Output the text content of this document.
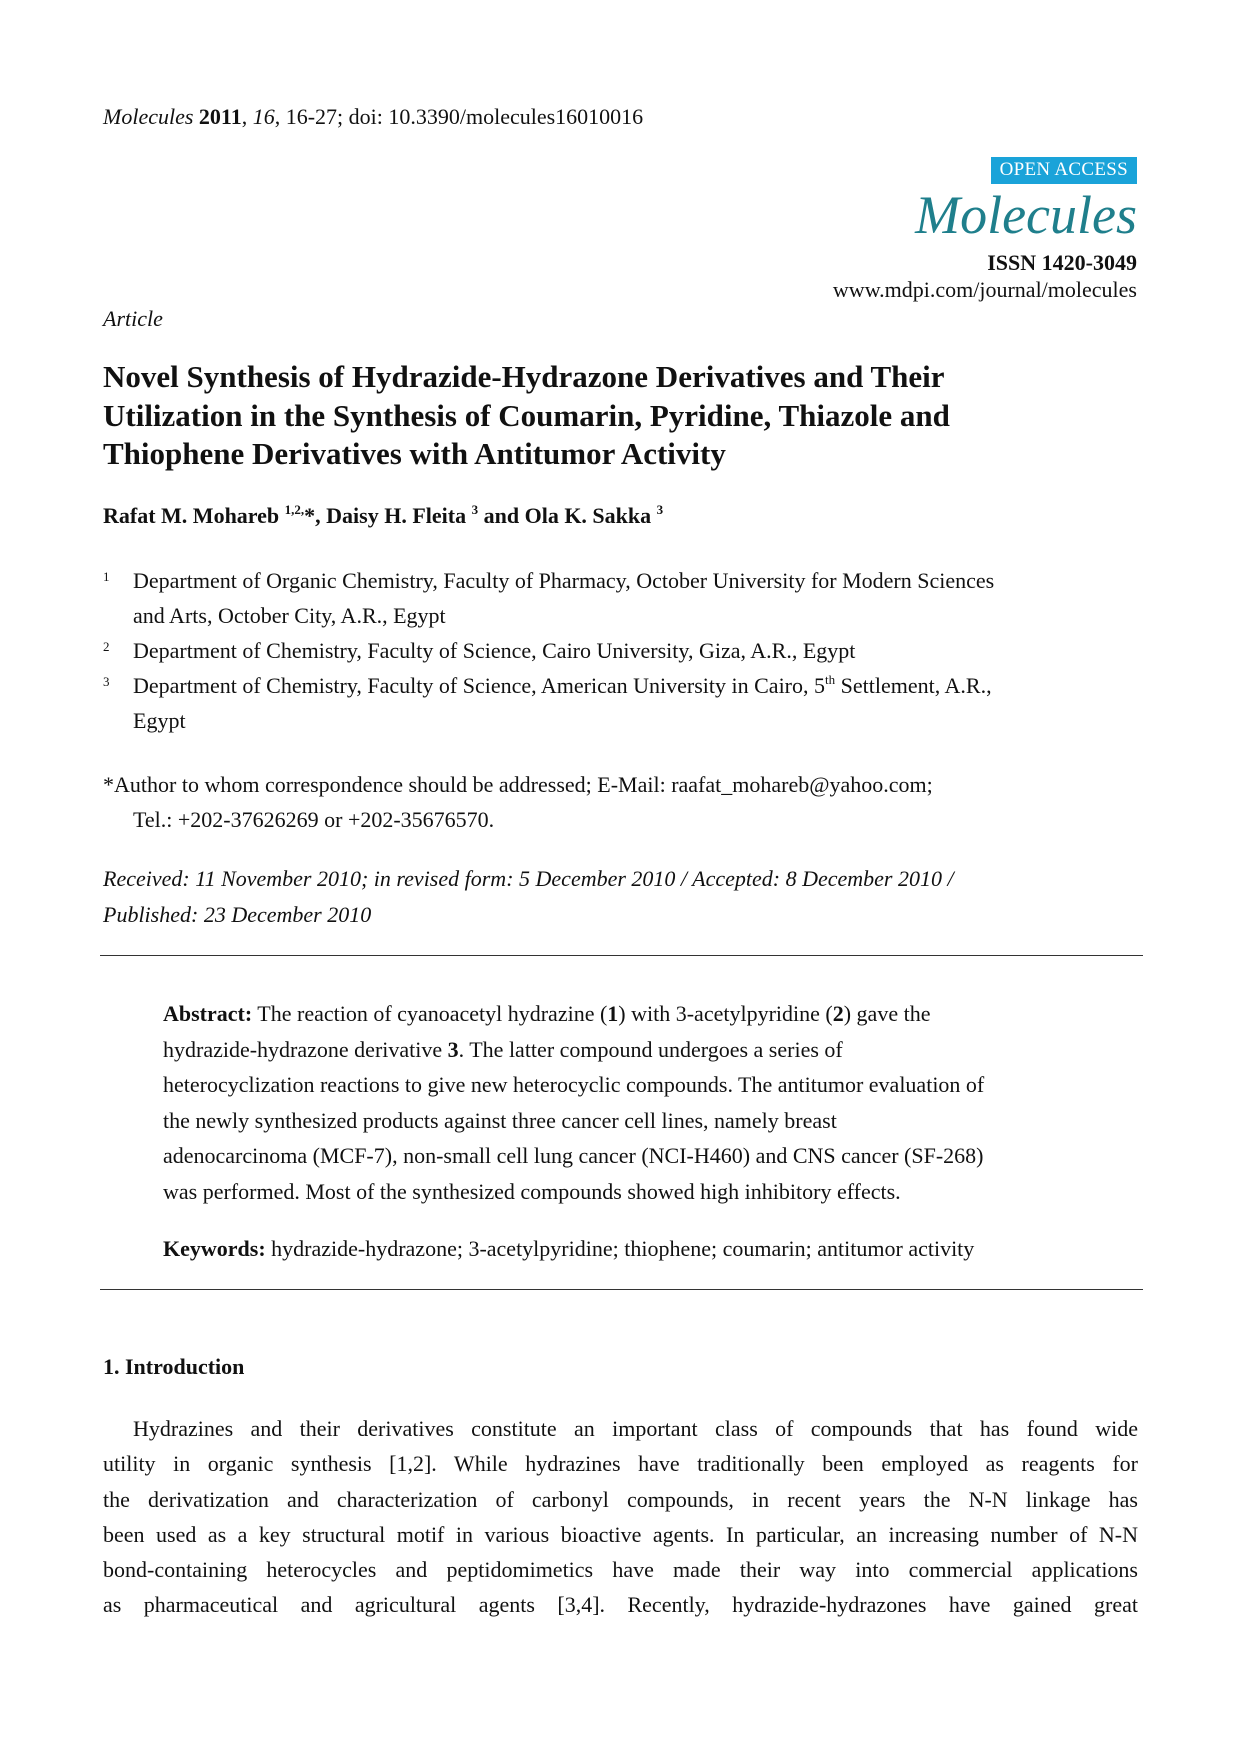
Molecules 2011, 16, 16-27; doi: 10.3390/molecules16010016
OPEN ACCESS
Molecules
ISSN 1420-3049
www.mdpi.com/journal/molecules
Article
Novel Synthesis of Hydrazide-Hydrazone Derivatives and Their
Utilization in the Synthesis of Coumarin, Pyridine, Thiazole and
Thiophene Derivatives with Antitumor Activity
Rafat M. Mohareb $^{1,2,}$*, Daisy H. Fleita $^3$ and Ola K. Sakka $^3$
1 Department of Organic Chemistry, Faculty of Pharmacy, October University for Modern Sciences
and Arts, October City, A.R., Egypt
2 Department of Chemistry, Faculty of Science, Cairo University, Giza, A.R., Egypt
3 Department of Chemistry, Faculty of Science, American University in Cairo, 5th Settlement, A.R.,
Egypt
*Author to whom correspondence should be addressed; E-Mail: raafat_mohareb@yahoo.com;
Tel.: +202-37626269 or +202-35676570.
Received: 11 November 2010; in revised form: 5 December 2010 / Accepted: 8 December 2010 /
Published: 23 December 2010
Abstract: The reaction of cyanoacetyl hydrazine (1) with 3-acetylpyridine (2) gave the
hydrazide-hydrazone derivative 3. The latter compound undergoes a series of
heterocyclization reactions to give new heterocyclic compounds. The antitumor evaluation of
the newly synthesized products against three cancer cell lines, namely breast
adenocarcinoma (MCF-7), non-small cell lung cancer (NCI-H460) and CNS cancer (SF-268)
was performed. Most of the synthesized compounds showed high inhibitory effects.
Keywords: hydrazide-hydrazone; 3-acetylpyridine; thiophene; coumarin; antitumor activity
1. Introduction
Hydrazines and their derivatives constitute an important class of compounds that has found wide
utility in organic synthesis [1,2]. While hydrazines have traditionally been employed as reagents for
the derivatization and characterization of carbonyl compounds, in recent years the N-N linkage has
been used as a key structural motif in various bioactive agents. In particular, an increasing number of N-N
bond-containing heterocycles and peptidomimetics have made their way into commercial applications
as pharmaceutical and agricultural agents [3,4]. Recently, hydrazide-hydrazones have gained great
